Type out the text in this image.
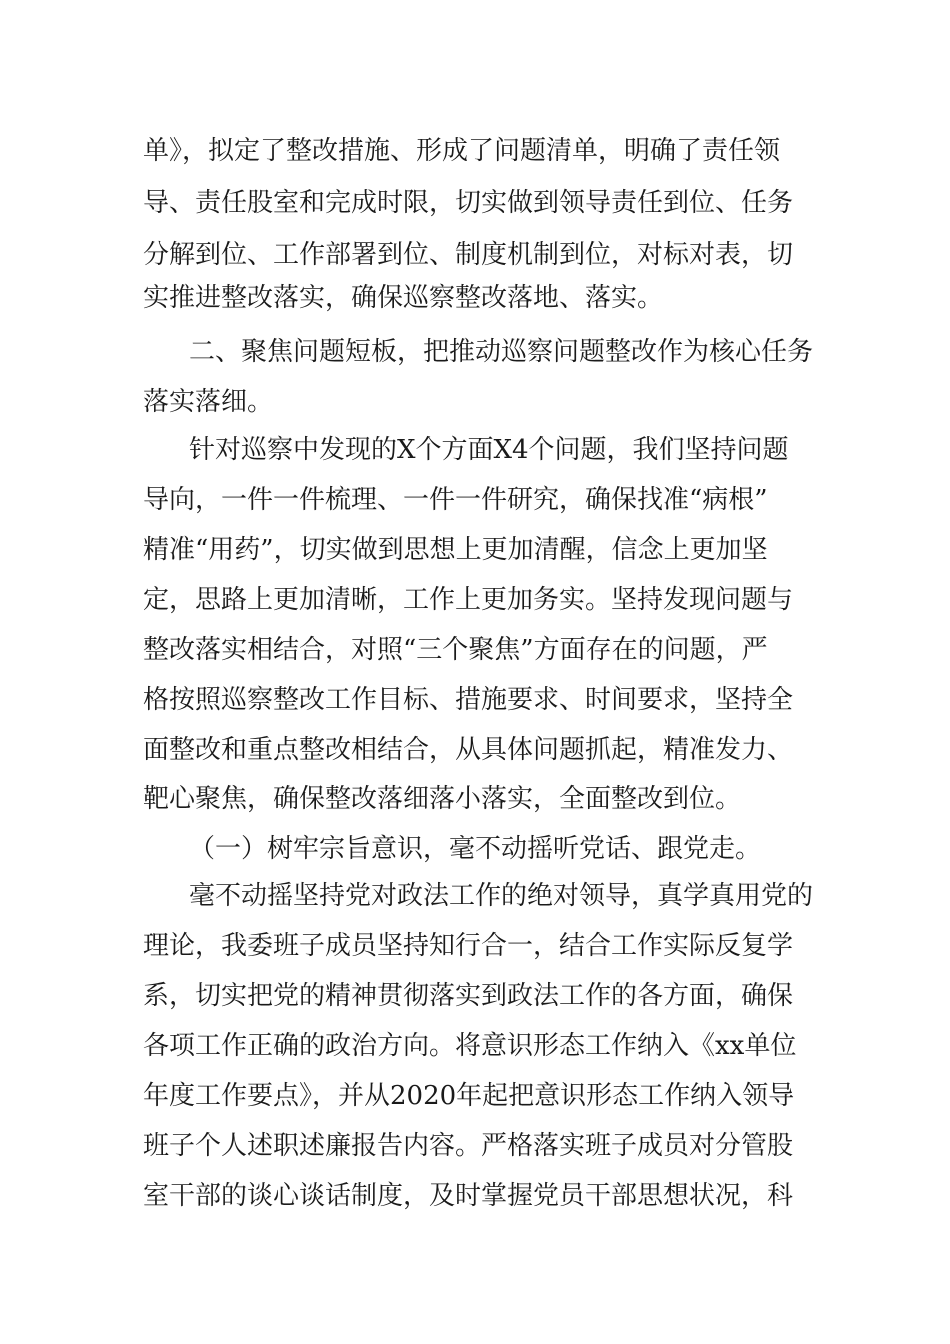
单》，拟定了整改措施、形成了问题清单，明确了责任领
导、责任股室和完成时限，切实做到领导责任到位、任务
分解到位、工作部署到位、制度机制到位，对标对表，切
实推进整改落实，确保巡察整改落地、落实。
二、聚焦问题短板，把推动巡察问题整改作为核心任务
落实落细。
针对巡察中发现的X个方面X4个问题，我们坚持问题
导向，一件一件梳理、一件一件研究，确保找准“病根”
精准“用药”，切实做到思想上更加清醒，信念上更加坚
定，思路上更加清晰，工作上更加务实。坚持发现问题与
整改落实相结合，对照“三个聚焦”方面存在的问题，严
格按照巡察整改工作目标、措施要求、时间要求，坚持全
面整改和重点整改相结合，从具体问题抓起，精准发力、
靶心聚焦，确保整改落细落小落实，全面整改到位。
（一）树牢宗旨意识，毫不动摇听党话、跟党走。
毫不动摇坚持党对政法工作的绝对领导，真学真用党的
理论，我委班子成员坚持知行合一，结合工作实际反复学
系，切实把党的精神贯彻落实到政法工作的各方面，确保
各项工作正确的政治方向。将意识形态工作纳入《xx单位
年度工作要点》，并从2020年起把意识形态工作纳入领导
班子个人述职述廉报告内容。严格落实班子成员对分管股
室干部的谈心谈话制度，及时掌握党员干部思想状况，科
